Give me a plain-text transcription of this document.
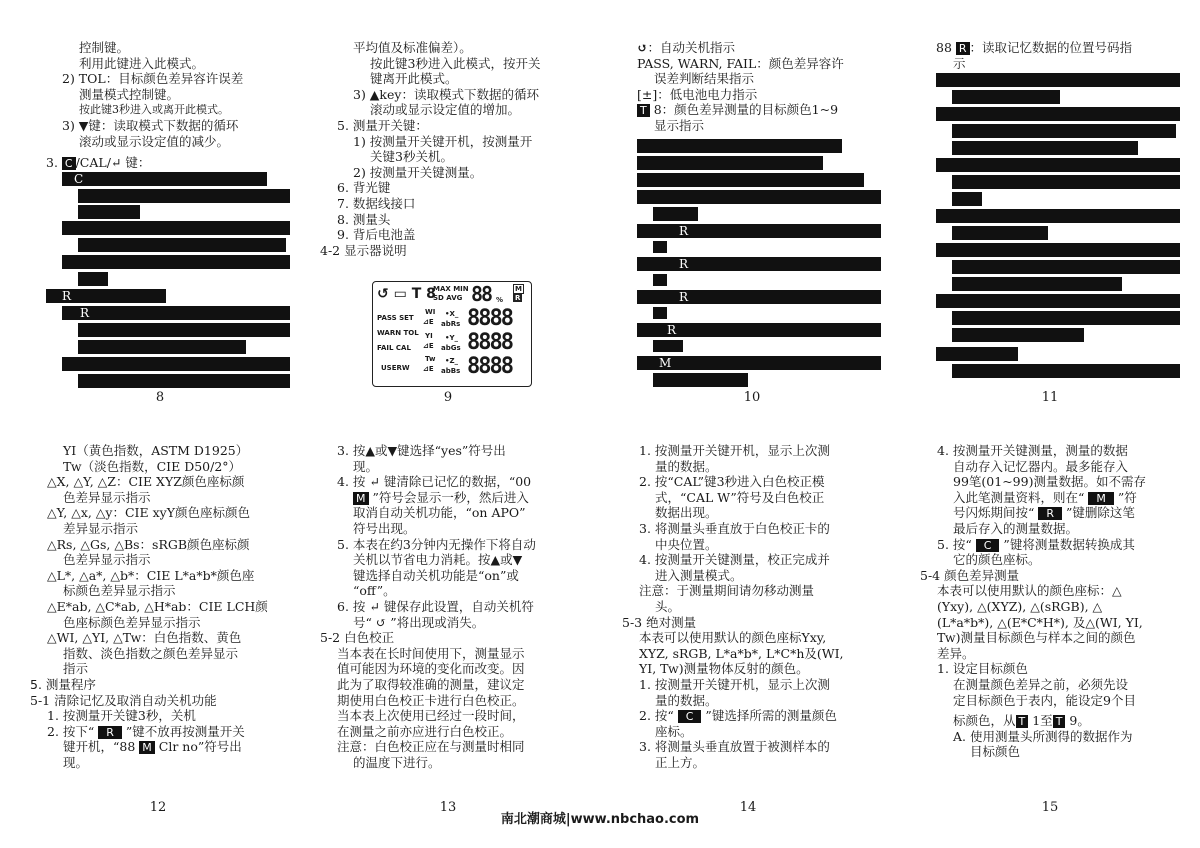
控制键。

利用此键进入此模式。

2) TOL：目标颜色差异容许误差

测量模式控制键。

按此键3秒进入或离开此模式。

3) ▼键：读取模式下数据的循环

滚动或显示设定值的减少。

3. C /CAL/↵ 键：

C
R
R
8

平均值及标准偏差）。

按此键3秒进入此模式，按开关

键离开此模式。

3) ▲key：读取模式下数据的循环

滚动或显示设定值的增加。

5. 测量开关键：

1) 按测量开关键开机，按测量开

关键3秒关机。

2) 按测量开关键测量。

6. 背光键

7. 数据线接口

8. 测量头

9. 背后电池盖

4-2 显示器说明

↺ ▭ T 8
MAX MIN
SD AVG 88 %
M
R
PASS SET
WARN TOL
FAIL CAL
USERW
WI
YI
Tw
⊿E
⊿E
⊿E
•X_
abRs
•Y_
abGs
•Z_
abBs
8888
8888
8888
9

↺：自动关机指示

PASS, WARN, FAIL：颜色差异容许

误差判断结果指示

[±]：低电池电力指示

T 8：颜色差异测量的目标颜色1~9

显示指示

R
R
R
R
M
10

88 R ：读取记忆数据的位置号码指

示

11

YI（黄色指数，ASTM D1925）

Tw（淡色指数，CIE D50/2°）

△X, △Y, △Z：CIE XYZ颜色座标颜

色差异显示指示

△Y, △x, △y：CIE xyY颜色座标颜色

差异显示指示

△Rs, △Gs, △Bs：sRGB颜色座标颜

色差异显示指示

△L*, △a*, △b*：CIE L*a*b*颜色座

标颜色差异显示指示

△E*ab, △C*ab, △H*ab：CIE LCH颜

色座标颜色差异显示指示

△WI, △YI, △Tw：白色指数、黄色

指数、淡色指数之颜色差异显示

指示

5. 测量程序

5-1 清除记忆及取消自动关机功能

1. 按测量开关键3秒，关机

2. 按下“ R ”键不放再按测量开关

键开机，“88 M Clr no”符号出

现。

12

3. 按▲或▼键选择“yes”符号出

现。

4. 按 ↵ 键清除已记忆的数据，“00

M ”符号会显示一秒，然后进入

取消自动关机功能，“on APO”

符号出现。

5. 本表在约3分钟内无操作下将自动

关机以节省电力消耗。按▲或▼

键选择自动关机功能是“on”或

“off”。

6. 按 ↵ 键保存此设置，自动关机符

号“ ↺ ”将出现或消失。

5-2 白色校正

当本表在长时间使用下，测量显示

值可能因为环境的变化而改变。因

此为了取得较准确的测量，建议定

期使用白色校正卡进行白色校正。

当本表上次使用已经过一段时间，

在测量之前亦应进行白色校正。

注意：白色校正应在与测量时相同

的温度下进行。

13

1. 按测量开关键开机，显示上次测

量的数据。

2. 按“CAL”键3秒进入白色校正模

式，“CAL W”符号及白色校正

数据出现。

3. 将测量头垂直放于白色校正卡的

中央位置。

4. 按测量开关键测量，校正完成并

进入测量模式。

注意：于测量期间请勿移动测量

头。

5-3 绝对测量

本表可以使用默认的颜色座标Yxy,

XYZ, sRGB, L*a*b*, L*C*h及(WI,

YI, Tw)测量物体反射的颜色。

1. 按测量开关键开机，显示上次测

量的数据。

2. 按“ C ”键选择所需的测量颜色

座标。

3. 将测量头垂直放置于被测样本的

正上方。

14

4. 按测量开关键测量，测量的数据

自动存入记忆器内。最多能存入

99笔(01~99)测量数据。如不需存

入此笔测量资料，则在“ M ”符

号闪烁期间按“ R ”键删除这笔

最后存入的测量数据。

5. 按“ C ”键将测量数据转换成其

它的颜色座标。

5-4 颜色差异测量

本表可以使用默认的颜色座标：△

(Yxy), △(XYZ), △(sRGB), △

(L*a*b*), △(E*C*H*), 及△(WI, YI,

Tw)测量目标颜色与样本之间的颜色

差异。

1. 设定目标颜色

在测量颜色差异之前，必须先设

定目标颜色于表内，能设定9个目

标颜色，从 T 1至 T 9。

A. 使用测量头所测得的数据作为

目标颜色

15
南北潮商城|www.nbchao.com
